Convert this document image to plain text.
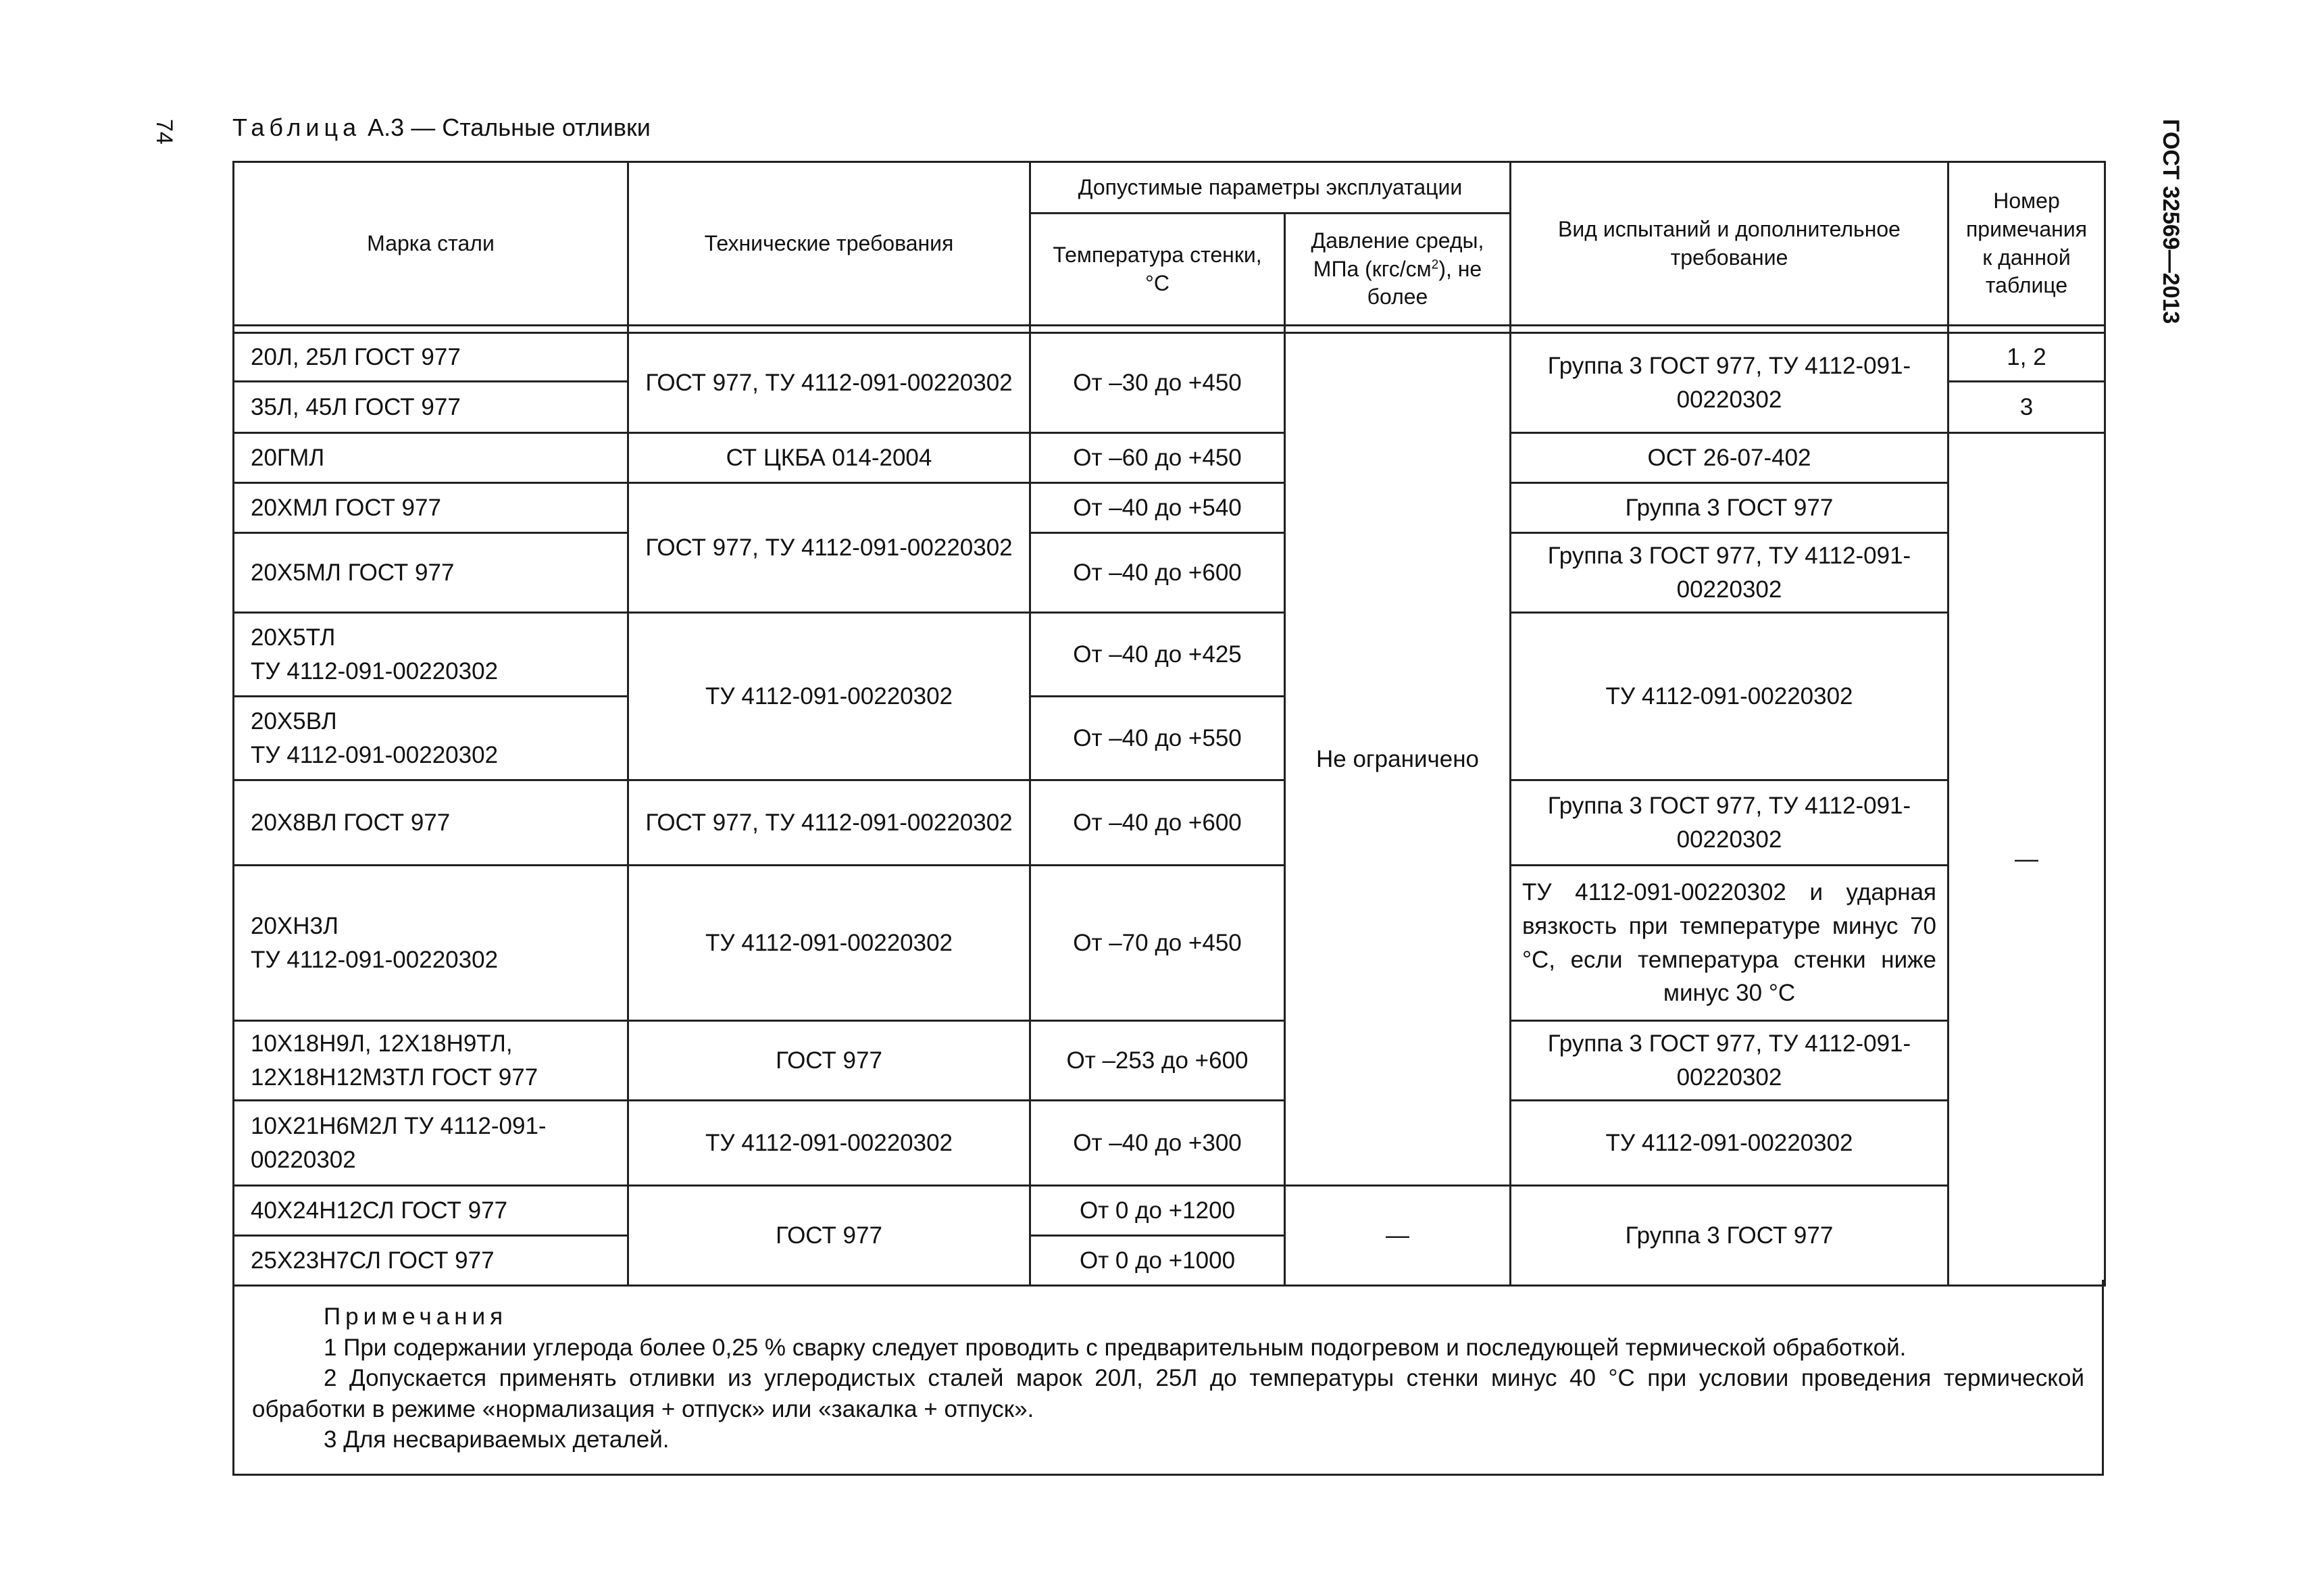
74	ГОСТ 32569—2013
Таблица А.3 — Стальные отливки
Марка стали	Технические требования	Допустимые параметры эксплуатации		Вид испытаний и дополнительное требование	Номер примечания к данной таблице
		Температура стенки, °С	Давление среды, МПа $(кгс/см^2)$, не более		

20Л, 25Л ГОСТ 977	ГОСТ 977, ТУ 4112-091-00220302	От –30 до +450	Не ограничено	Группа 3 ГОСТ 977, ТУ 4112-091-00220302	1, 2
35Л, 45Л ГОСТ 977					3
20ГМЛ	СТ ЦКБА 014-2004	От –60 до +450		ОСТ 26-07-402	—
20ХМЛ ГОСТ 977	ГОСТ 977, ТУ 4112-091-00220302	От –40 до +540		Группа 3 ГОСТ 977	
20Х5МЛ ГОСТ 977		От –40 до +600		Группа 3 ГОСТ 977, ТУ 4112-091-00220302	

20Х5ТЛ
ТУ 4112-091-00220302	ТУ 4112-091-00220302	От –40 до +425		ТУ 4112-091-00220302	

20Х5ВЛ
ТУ 4112-091-00220302		От –40 до +550			
20Х8ВЛ ГОСТ 977	ГОСТ 977, ТУ 4112-091-00220302	От –40 до +600		Группа 3 ГОСТ 977, ТУ 4112-091-00220302	

20ХН3Л
ТУ 4112-091-00220302	ТУ 4112-091-00220302	От –70 до +450		ТУ 4112-091-00220302 и ударная вязкость при температуре минус 70 °С, если температура стенки ниже минус 30 °С	

10Х18Н9Л, 12Х18Н9ТЛ,
12Х18Н12М3ТЛ ГОСТ 977	ГОСТ 977	От –253 до +600		Группа 3 ГОСТ 977, ТУ 4112-091-00220302	
10Х21Н6М2Л ТУ 4112-091-00220302	ТУ 4112-091-00220302	От –40 до +300		ТУ 4112-091-00220302	
40Х24Н12СЛ ГОСТ 977	ГОСТ 977	От 0 до +1200	—	Группа 3 ГОСТ 977	
25Х23Н7СЛ ГОСТ 977		От 0 до +1000			
Примечания

1 При содержании углерода более 0,25 % сварку следует проводить с предварительным подогревом и последующей термической обработкой.

2 Допускается применять отливки из углеродистых сталей марок 20Л, 25Л до температуры стенки минус 40 °С при условии проведения термической обработки в режиме «нормализация + отпуск» или «закалка + отпуск».

3 Для несвариваемых деталей.
